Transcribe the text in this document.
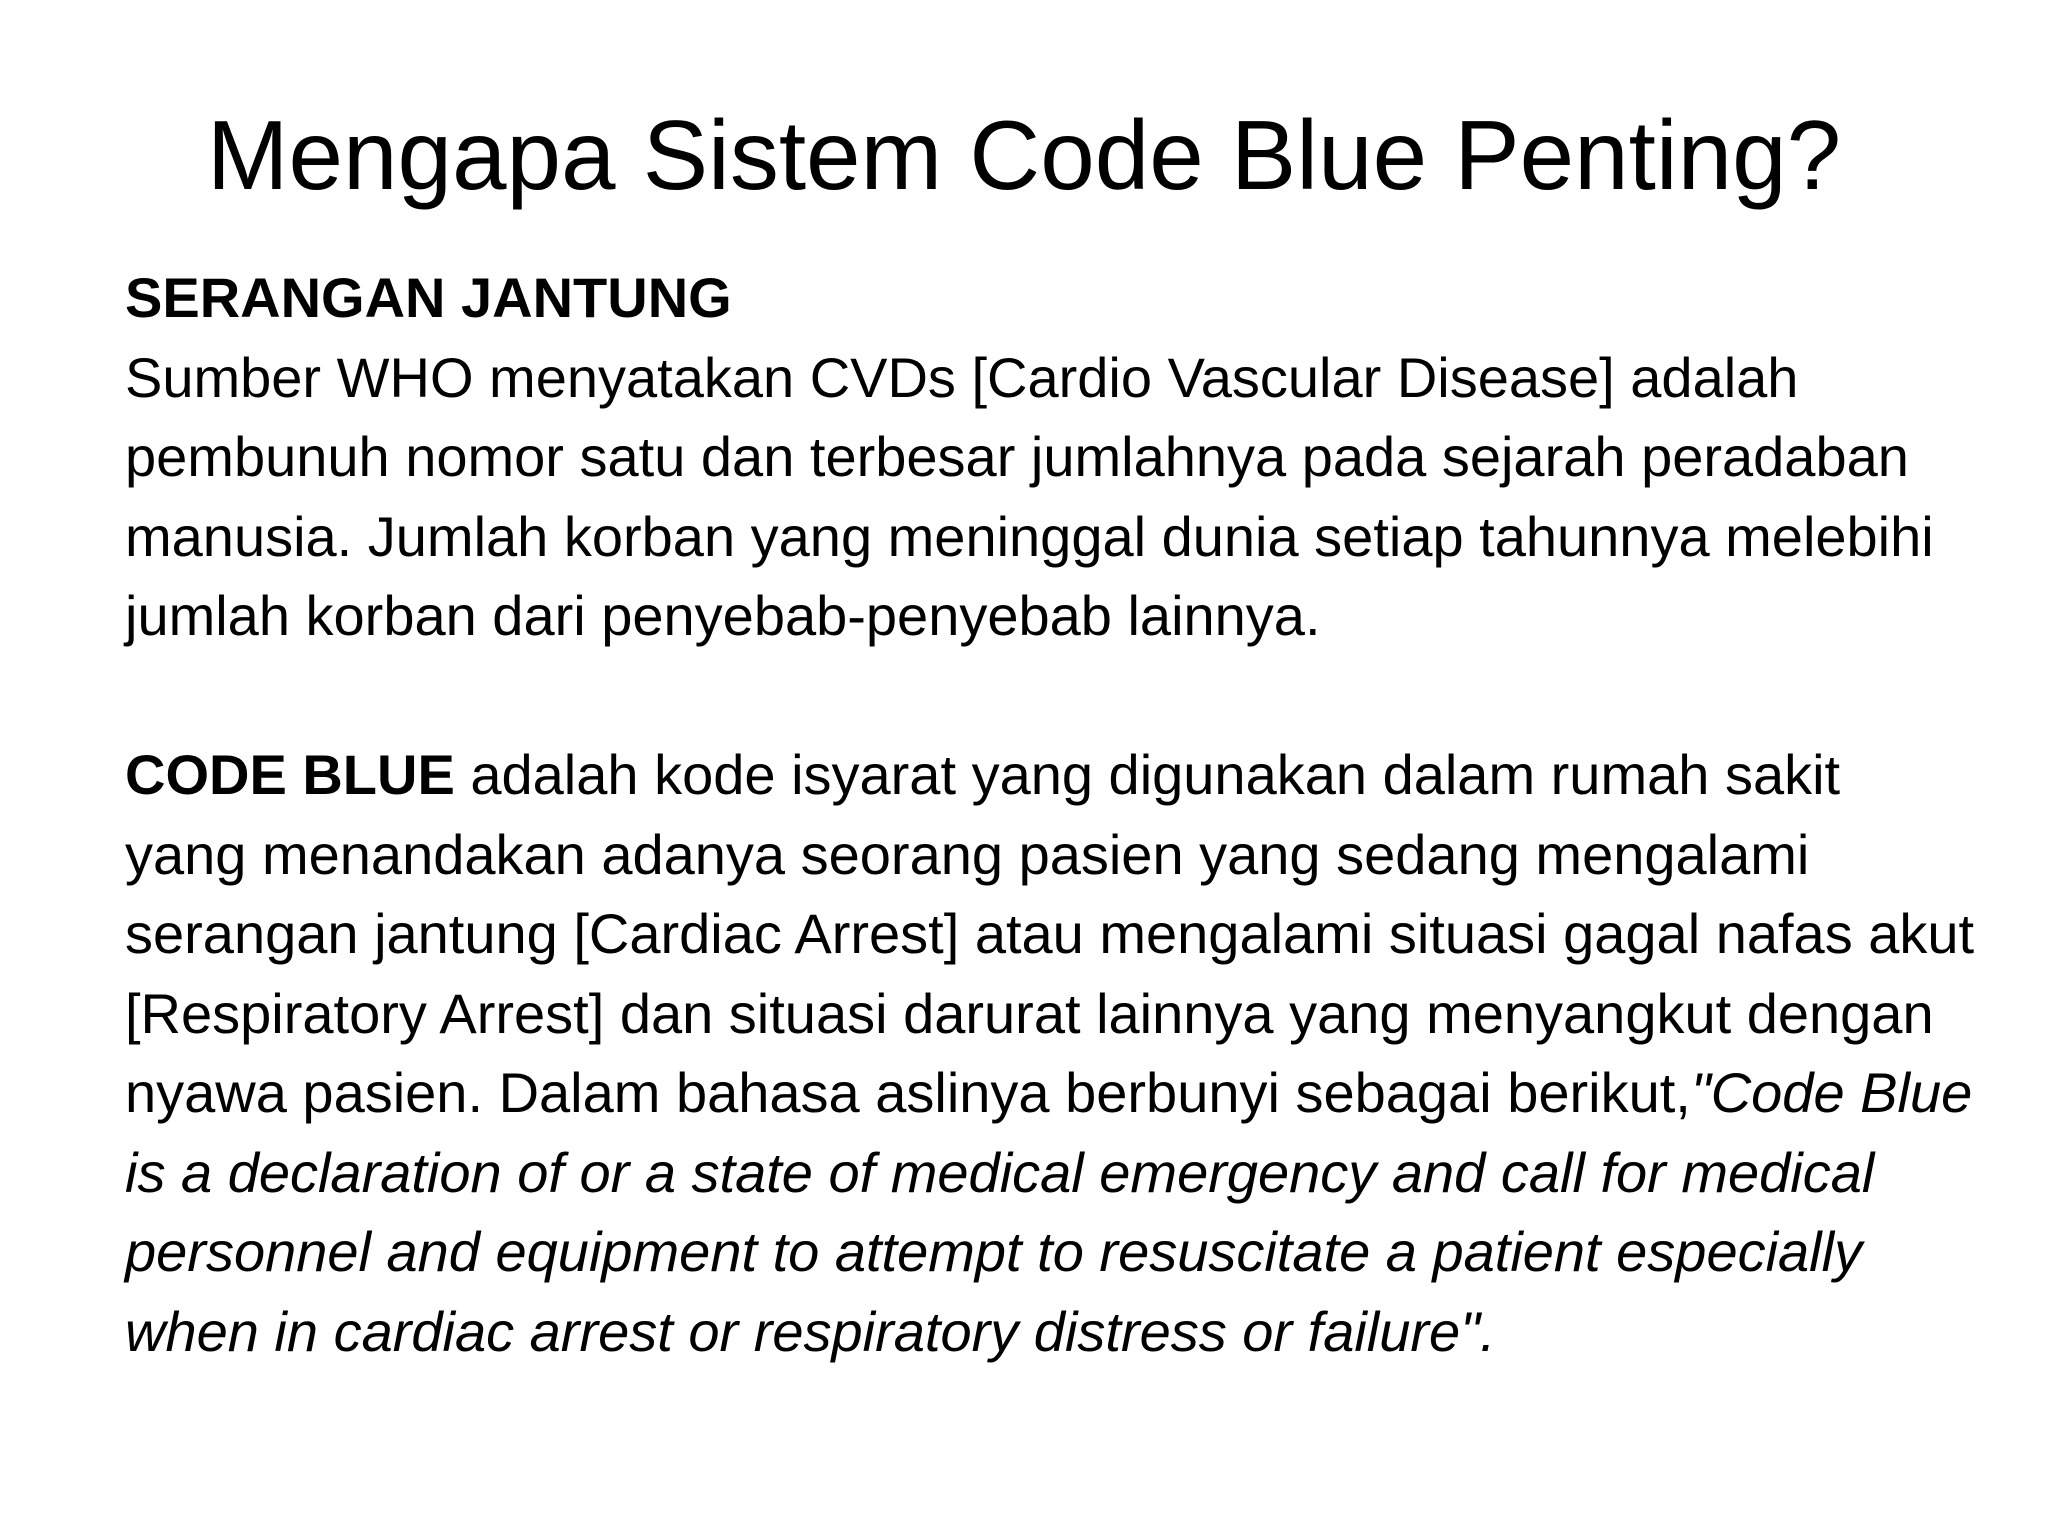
Mengapa Sistem Code Blue Penting?

SERANGAN JANTUNG
Sumber WHO menyatakan CVDs [Cardio Vascular Disease] adalah pembunuh nomor satu dan terbesar jumlahnya pada sejarah peradaban manusia. Jumlah korban yang meninggal dunia setiap tahunnya melebihi jumlah korban dari penyebab-penyebab lainnya.

CODE BLUE adalah kode isyarat yang digunakan dalam rumah sakit yang menandakan adanya seorang pasien yang sedang mengalami serangan jantung [Cardiac Arrest] atau mengalami situasi gagal nafas akut [Respiratory Arrest] dan situasi darurat lainnya yang menyangkut dengan nyawa pasien. Dalam bahasa aslinya berbunyi sebagai berikut,"Code Blue is a declaration of or a state of medical emergency and call for medical personnel and equipment to attempt to resuscitate a patient especially when in cardiac arrest or respiratory distress or failure".
